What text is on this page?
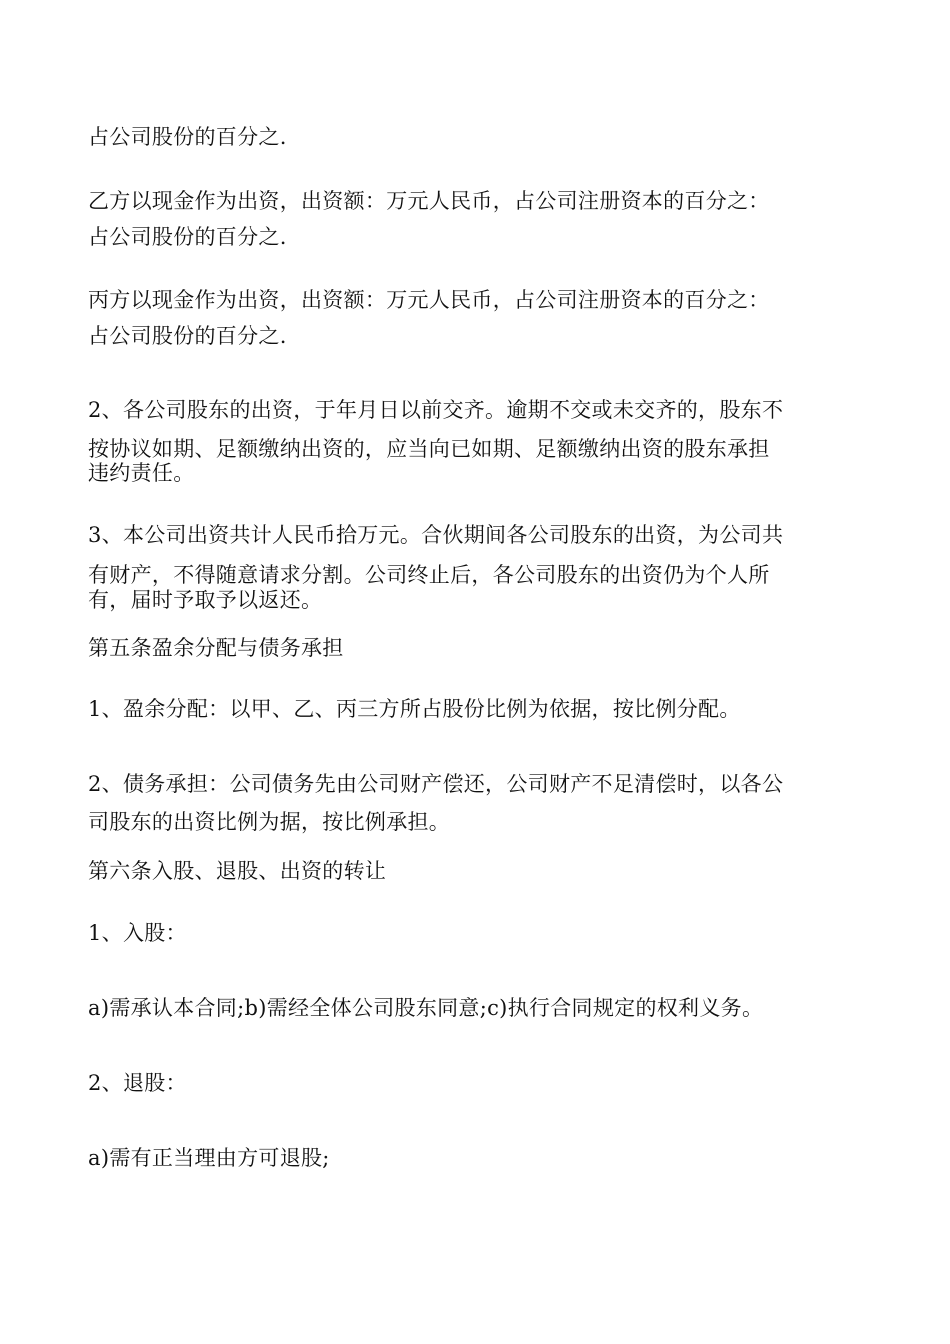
占公司股份的百分之.
乙方以现金作为出资，出资额：万元人民币，占公司注册资本的百分之：
占公司股份的百分之.
丙方以现金作为出资，出资额：万元人民币，占公司注册资本的百分之：
占公司股份的百分之.
2、各公司股东的出资，于年月日以前交齐。逾期不交或未交齐的，股东不
按协议如期、足额缴纳出资的，应当向已如期、足额缴纳出资的股东承担
违约责任。
3、本公司出资共计人民币拾万元。合伙期间各公司股东的出资，为公司共
有财产，不得随意请求分割。公司终止后，各公司股东的出资仍为个人所
有，届时予取予以返还。
第五条盈余分配与债务承担
1、盈余分配：以甲、乙、丙三方所占股份比例为依据，按比例分配。
2、债务承担：公司债务先由公司财产偿还，公司财产不足清偿时，以各公
司股东的出资比例为据，按比例承担。
第六条入股、退股、出资的转让
1、入股：
a)需承认本合同;b)需经全体公司股东同意;c)执行合同规定的权利义务。
2、退股：
a)需有正当理由方可退股;
